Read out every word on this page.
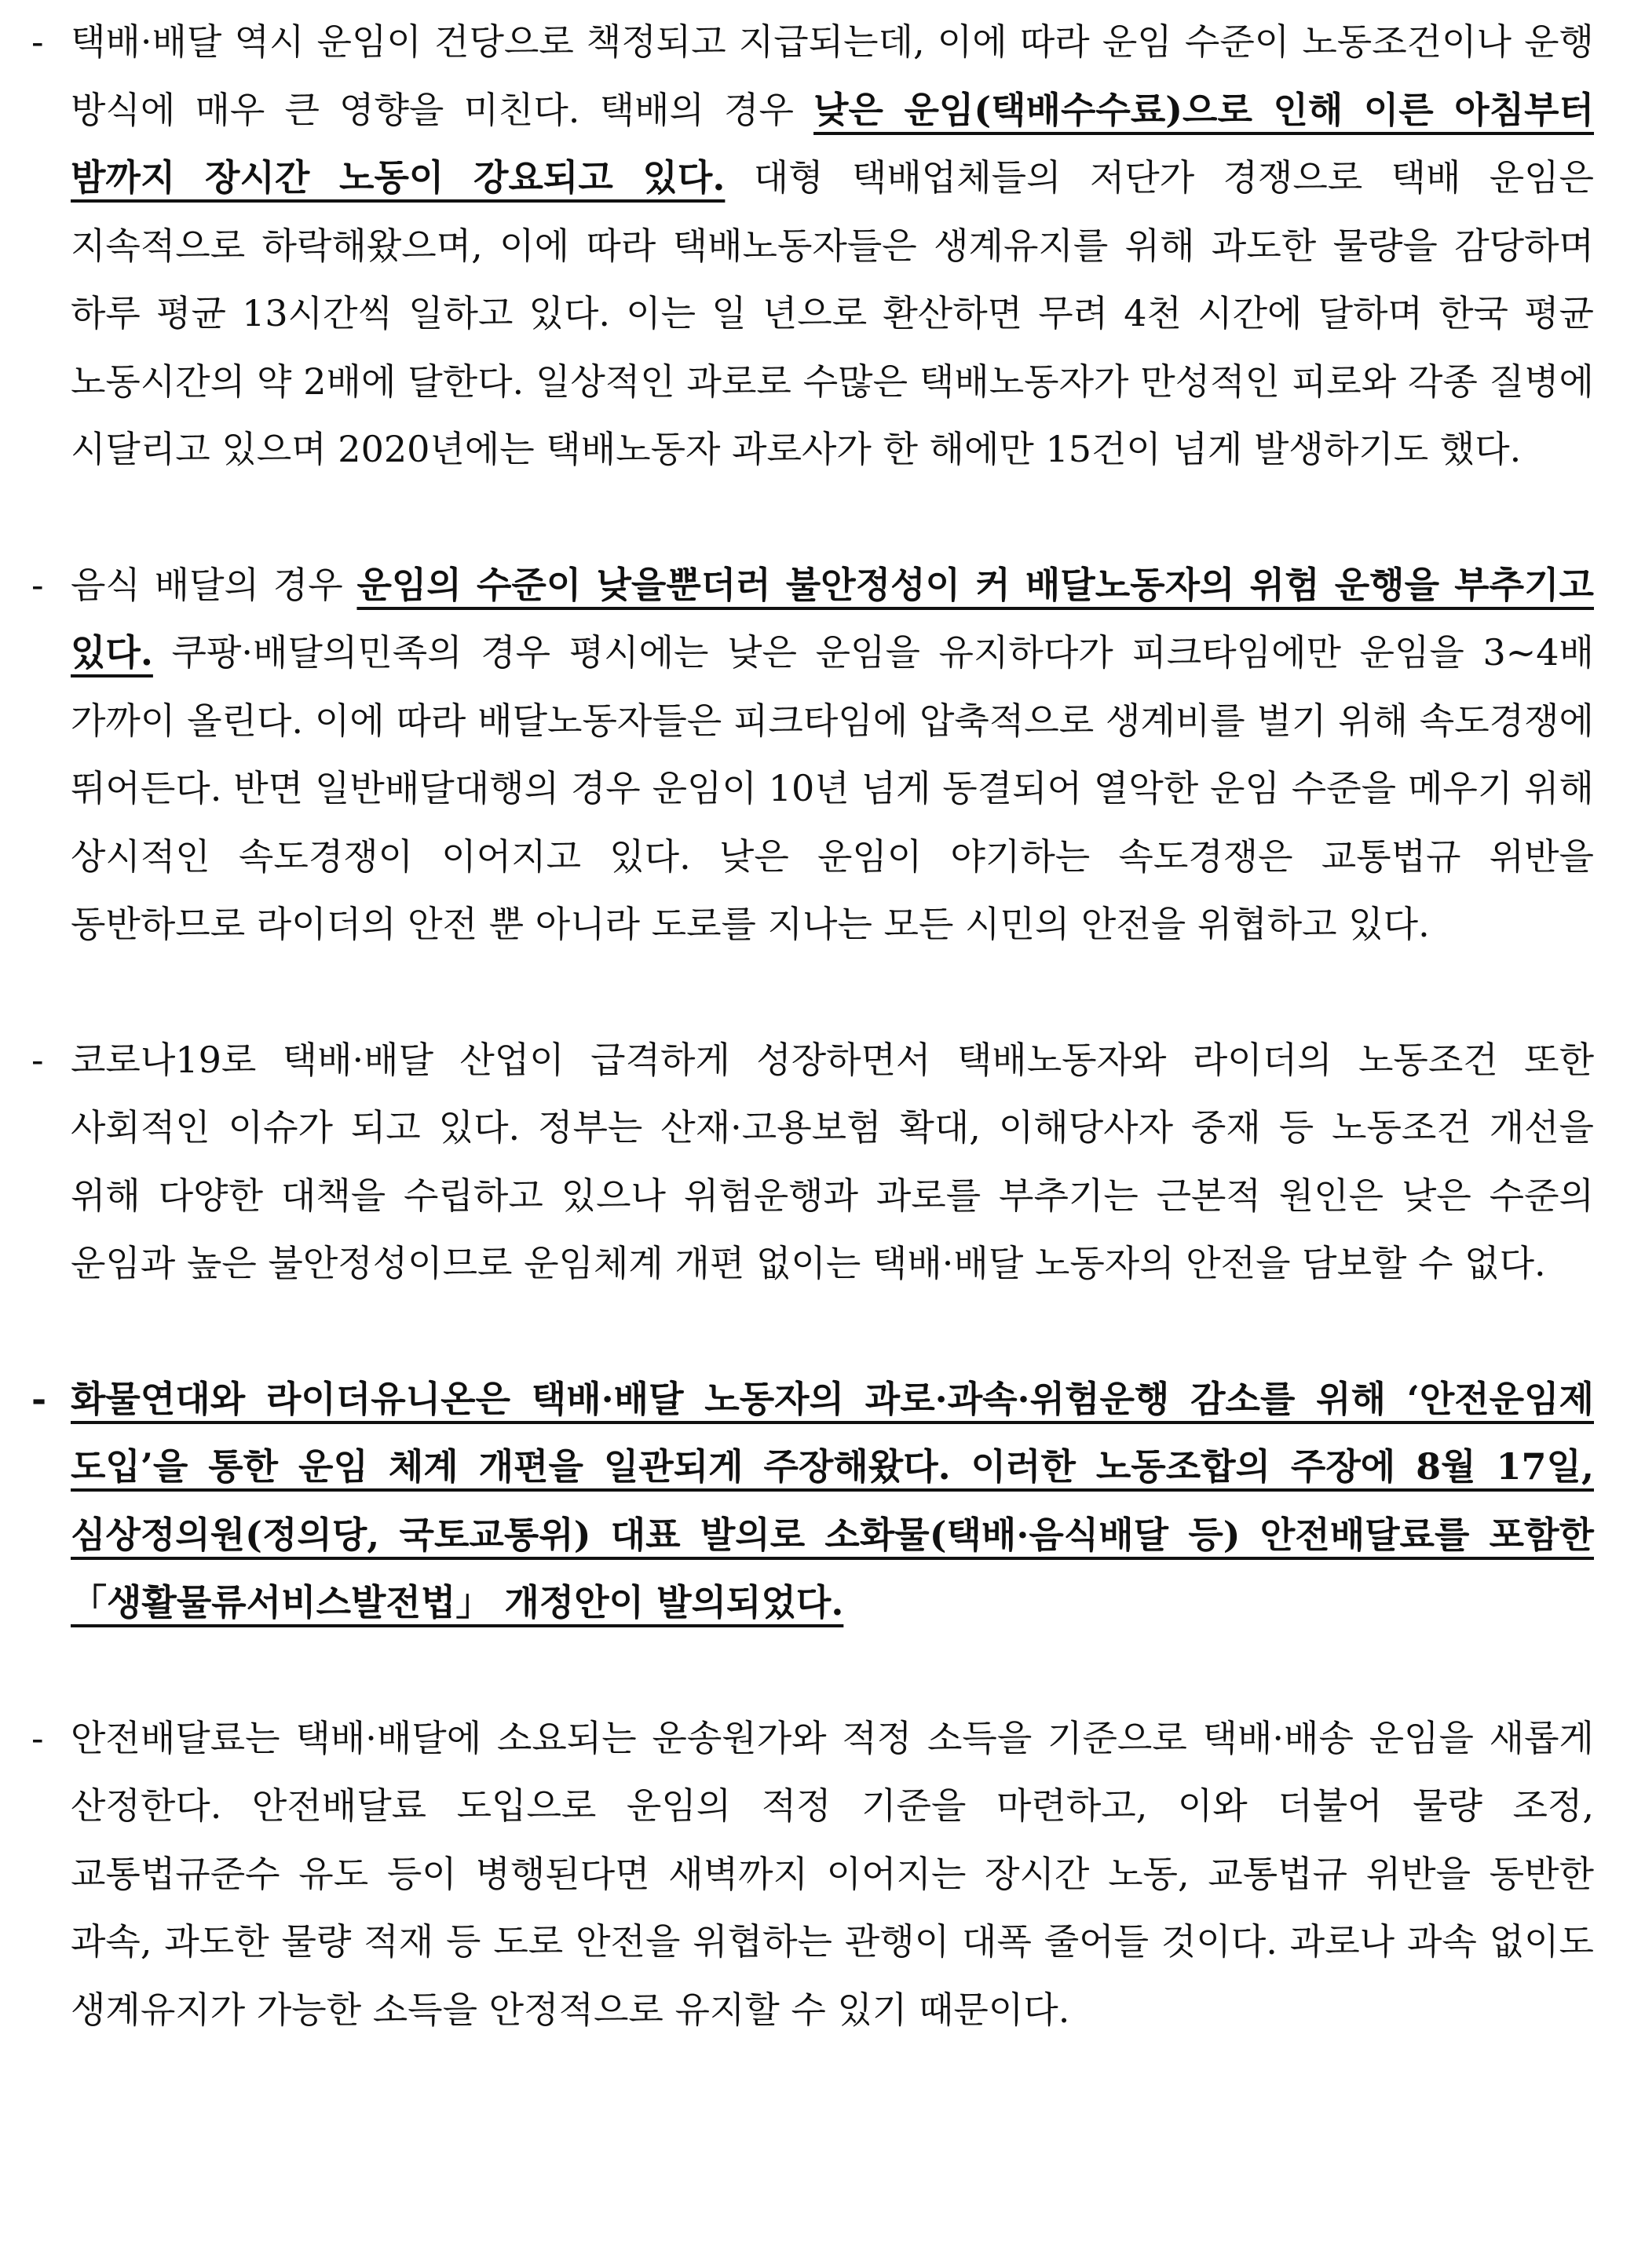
- 택배·배달 역시 운임이 건당으로 책정되고 지급되는데, 이에 따라 운임 수준이 노동조건이나 운행 방식에 매우 큰 영향을 미친다. 택배의 경우 낮은 운임(택배수수료)으로 인해 이른 아침부터 밤까지 장시간 노동이 강요되고 있다. 대형 택배업체들의 저단가 경쟁으로 택배 운임은 지속적으로 하락해왔으며, 이에 따라 택배노동자들은 생계유지를 위해 과도한 물량을 감당하며 하루 평균 13시간씩 일하고 있다. 이는 일 년으로 환산하면 무려 4천 시간에 달하며 한국 평균 노동시간의 약 2배에 달한다. 일상적인 과로로 수많은 택배노동자가 만성적인 피로와 각종 질병에 시달리고 있으며 2020년에는 택배노동자 과로사가 한 해에만 15건이 넘게 발생하기도 했다.
- 음식 배달의 경우 운임의 수준이 낮을뿐더러 불안정성이 커 배달노동자의 위험 운행을 부추기고 있다. 쿠팡·배달의민족의 경우 평시에는 낮은 운임을 유지하다가 피크타임에만 운임을 3~4배 가까이 올린다. 이에 따라 배달노동자들은 피크타임에 압축적으로 생계비를 벌기 위해 속도경쟁에 뛰어든다. 반면 일반배달대행의 경우 운임이 10년 넘게 동결되어 열악한 운임 수준을 메우기 위해 상시적인 속도경쟁이 이어지고 있다. 낮은 운임이 야기하는 속도경쟁은 교통법규 위반을 동반하므로 라이더의 안전 뿐 아니라 도로를 지나는 모든 시민의 안전을 위협하고 있다.
- 코로나19로 택배·배달 산업이 급격하게 성장하면서 택배노동자와 라이더의 노동조건 또한 사회적인 이슈가 되고 있다. 정부는 산재·고용보험 확대, 이해당사자 중재 등 노동조건 개선을 위해 다양한 대책을 수립하고 있으나 위험운행과 과로를 부추기는 근본적 원인은 낮은 수준의 운임과 높은 불안정성이므로 운임체계 개편 없이는 택배·배달 노동자의 안전을 담보할 수 없다.
- 화물연대와 라이더유니온은 택배·배달 노동자의 과로·과속·위험운행 감소를 위해 ‘안전운임제 도입’을 통한 운임 체계 개편을 일관되게 주장해왔다. 이러한 노동조합의 주장에 8월 17일, 심상정의원(정의당, 국토교통위) 대표 발의로 소화물(택배·음식배달 등) 안전배달료를 포함한 「생활물류서비스발전법」 개정안이 발의되었다.
- 안전배달료는 택배·배달에 소요되는 운송원가와 적정 소득을 기준으로 택배·배송 운임을 새롭게 산정한다. 안전배달료 도입으로 운임의 적정 기준을 마련하고, 이와 더불어 물량 조정, 교통법규준수 유도 등이 병행된다면 새벽까지 이어지는 장시간 노동, 교통법규 위반을 동반한 과속, 과도한 물량 적재 등 도로 안전을 위협하는 관행이 대폭 줄어들 것이다. 과로나 과속 없이도 생계유지가 가능한 소득을 안정적으로 유지할 수 있기 때문이다.
